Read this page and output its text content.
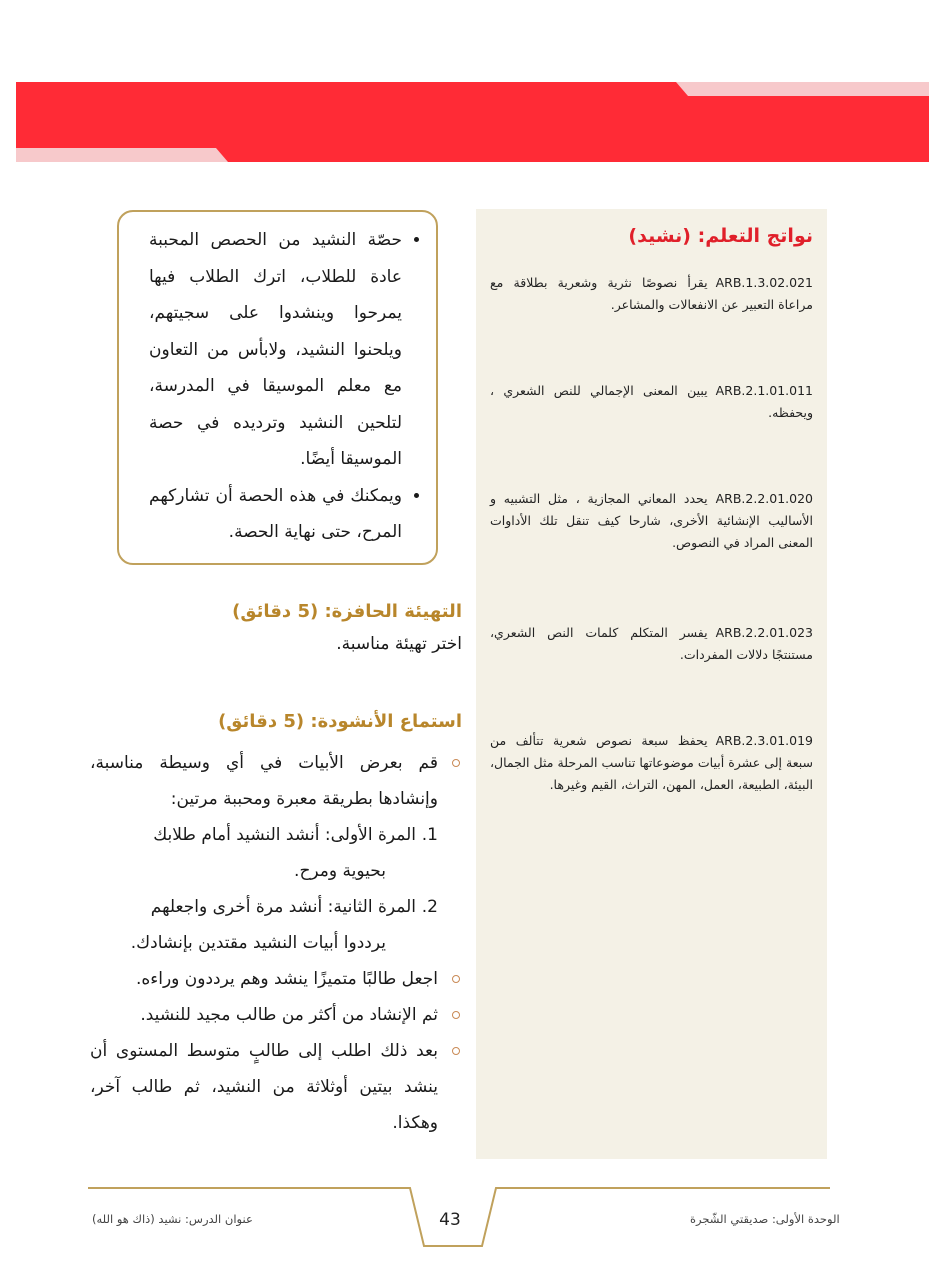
نواتج التعلم: (نشيد)

ARB.1.3.02.021يقرأ نصوصًا نثرية وشعرية بطلاقة مع مراعاة التعبير عن الانفعالات والمشاعر.

ARB.2.1.01.011يبين المعنى الإجمالي للنص الشعري ، ويحفظه.

ARB.2.2.01.020يحدد المعاني المجازية ، مثل التشبيه و الأساليب الإنشائية الأخرى، شارحا كيف تنقل تلك الأداوات المعنى المراد في النصوص.

ARB.2.2.01.023يفسر المتكلم كلمات النص الشعري، مستنتجًا دلالات المفردات.

ARB.2.3.01.019يحفظ سبعة نصوص شعرية تتألف من سبعة إلى عشرة أبيات موضوعاتها تناسب المرحلة مثل الجمال، البيئة، الطبيعة، العمل، المهن، التراث، القيم وغيرها.

• حصّة النشيد من الحصص المحببة عادة للطلاب، اترك الطلاب فيها يمرحوا وينشدوا على سجيتهم، ويلحنوا النشيد، ولابأس من التعاون مع معلم الموسيقا في المدرسة، لتلحين النشيد وترديده في حصة الموسيقا أيضًا.
• ويمكنك في هذه الحصة أن تشاركهم المرح، حتى نهاية الحصة.
التهيئة الحافزة: (5 دقائق)

اختر تهيئة مناسبة.

استماع الأنشودة: (5 دقائق)
قم بعرض الأبيات في أي وسيطة مناسبة، وإنشادها بطريقة معبرة ومحببة مرتين:
1.
المرة الأولى: أنشد النشيد أمام طلابك
بحيوية ومرح.
2.
المرة الثانية: أنشد مرة أخرى واجعلهم
يرددوا أبيات النشيد مقتدين بإنشادك.
اجعل طالبًا متميزًا ينشد وهم يرددون وراءه.
ثم الإنشاد من أكثر من طالب مجيد للنشيد.
بعد ذلك اطلب إلى طالبٍ متوسط المستوى أن ينشد بيتين أوثلاثة من النشيد، ثم طالب آخر، وهكذا.
الوحدة الأولى: صديقتي الشّجرة
عنوان الدرس: نشيد (ذاك هو الله)	43
